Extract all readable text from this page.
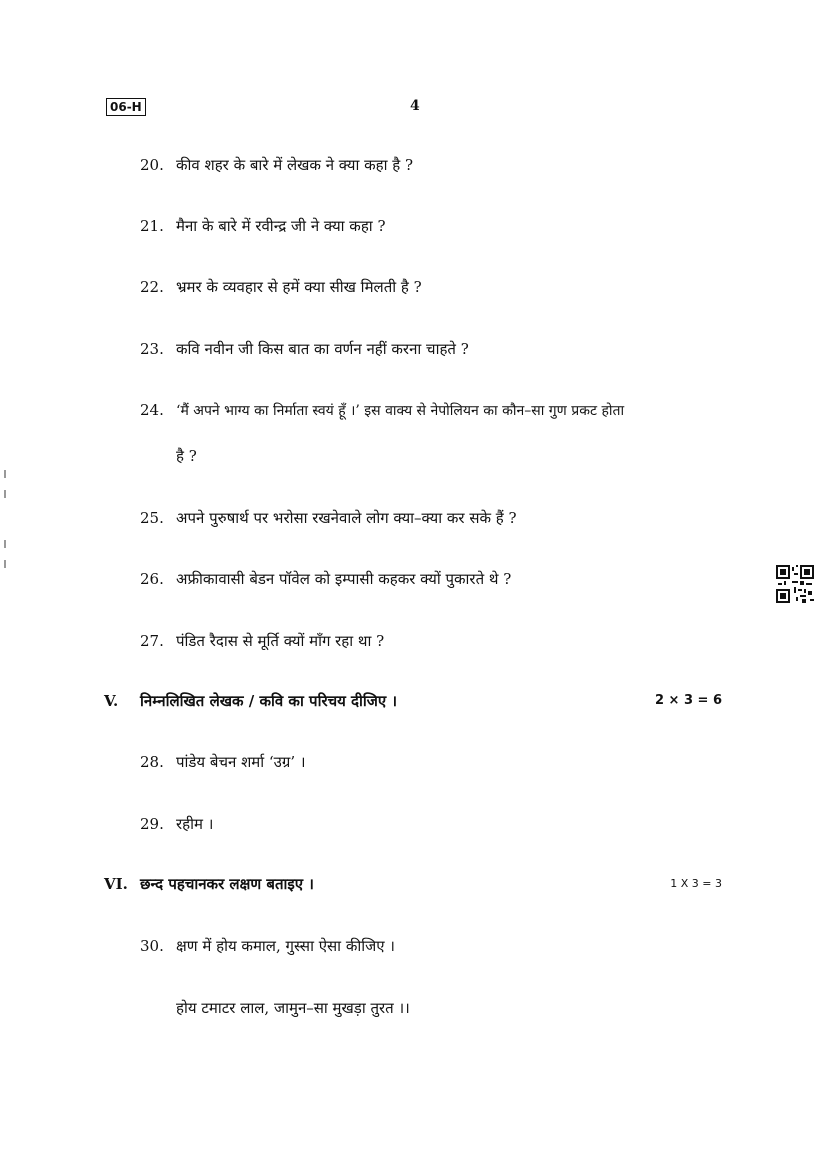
06-H	4
20. कीव शहर के बारे में लेखक ने क्या कहा है ?
21. मैना के बारे में रवीन्द्र जी ने क्या कहा ?
22. भ्रमर के व्यवहार से हमें क्या सीख मिलती है ?
23. कवि नवीन जी किस बात का वर्णन नहीं करना चाहते ?
24. ‘मैं अपने भाग्य का निर्माता स्वयं हूँ ।’ इस वाक्य से नेपोलियन का कौन–सा गुण प्रकट होता
है ?
25. अपने पुरुषार्थ पर भरोसा रखनेवाले लोग क्या–क्या कर सके हैं ?
26. अफ्रीकावासी बेडन पॉवेल को इम्पासी कहकर क्यों पुकारते थे ?
27. पंडित रैदास से मूर्ति क्यों माँग रहा था ?
V. निम्नलिखित लेखक / कवि का परिचय दीजिए ।	2 × 3 = 6
28. पांडेय बेचन शर्मा ‘उग्र’ ।
29. रहीम ।
VI. छन्द पहचानकर लक्षण बताइए ।	1 X 3 = 3
30. क्षण में होय कमाल, गुस्सा ऐसा कीजिए ।
होय टमाटर लाल, जामुन–सा मुखड़ा तुरत ।।
